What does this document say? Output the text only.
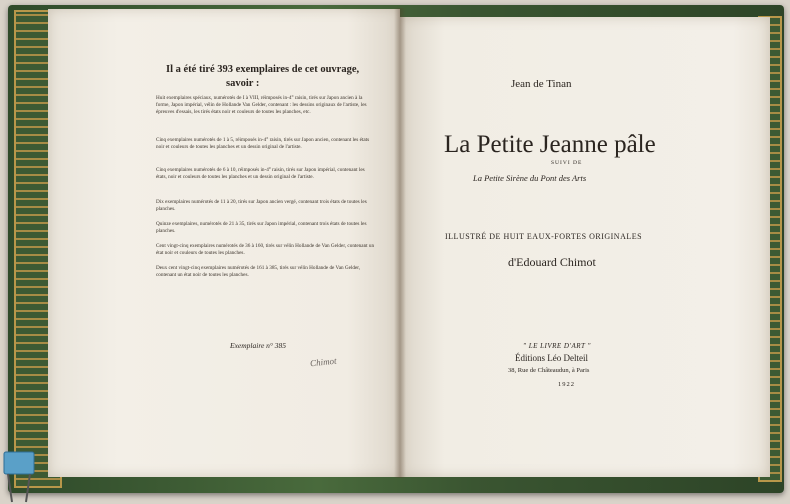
Il a été tiré 393 exemplaires de cet ouvrage,
savoir :
Huit exemplaires spéciaux, numérotés de I à VIII, réimposés in-4° raisin, tirés sur Japon ancien à la forme, Japon impérial, vélin de Hollande Van Gelder, contenant : les dessins originaux de l'artiste, les épreuves d'essais, les tirés états noir et couleurs de toutes les planches, etc.
Cinq exemplaires numérotés de 1 à 5, réimposés in-4° raisin, tirés sur Japon ancien, contenant les états noir et couleurs de toutes les planches et un dessin original de l'artiste.
Cinq exemplaires numérotés de 6 à 10, réimposés in-4° raisin, tirés sur Japon impérial, contenant les états, noir et couleurs de toutes les planches et un dessin original de l'artiste.
Dix exemplaires numérotés de 11 à 20, tirés sur Japon ancien vergé, contenant trois états de toutes les planches.
Quinze exemplaires, numérotés de 21 à 35, tirés sur Japon impérial, contenant trois états de toutes les planches.
Cent vingt-cinq exemplaires numérotés de 36 à 160, tirés sur vélin Hollande de Van Gelder, contenant un état noir et couleurs de toutes les planches.
Deux cent vingt-cinq exemplaires numérotés de 161 à 385, tirés sur vélin Hollande de Van Gelder, contenant un état noir de toutes les planches.
Exemplaire n° 385
Chimot
Jean de Tinan
La Petite Jeanne pâle
SUIVI DE
La Petite Sirène du Pont des Arts
ILLUSTRÉ DE HUIT EAUX-FORTES ORIGINALES
d'Edouard Chimot
" LE LIVRE D'ART "
Éditions Léo Delteil
38, Rue de Châteaudun, à Paris
1922
